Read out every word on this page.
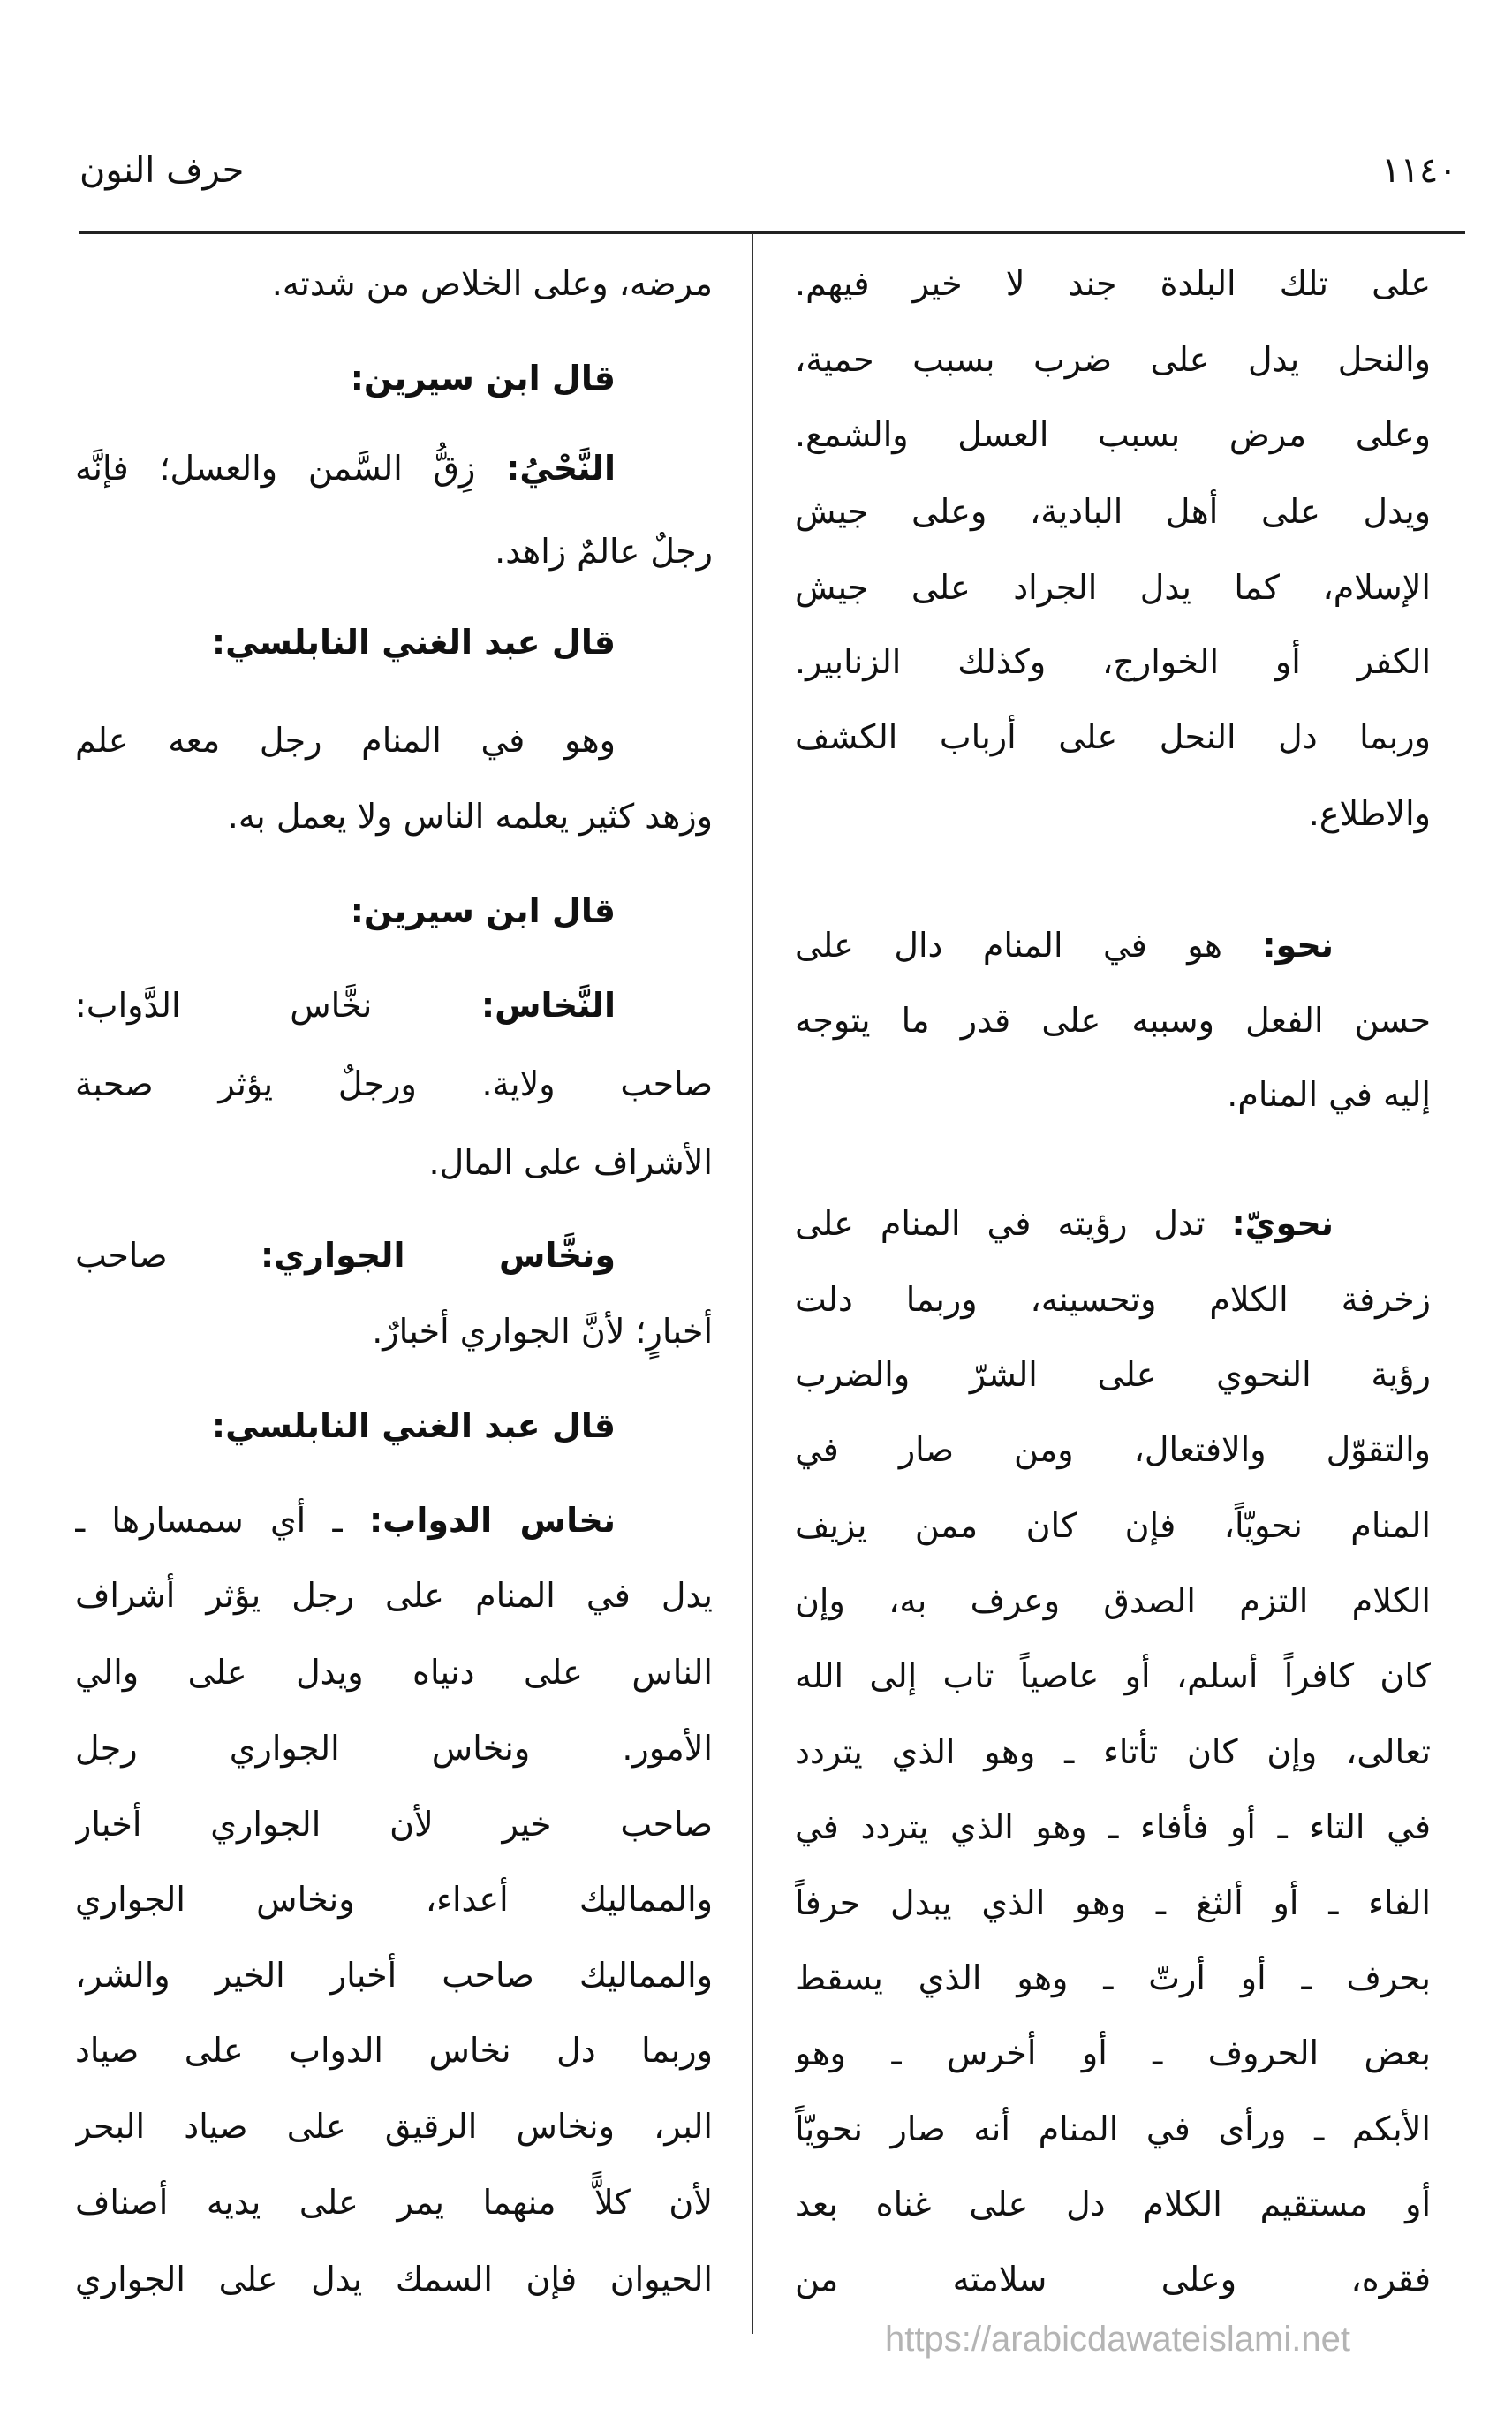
١١٤٠
حرف النون
على تلك البلدة جند لا خير فيهم.
والنحل يدل على ضرب بسبب حمية،
وعلى مرض بسبب العسل والشمع.
ويدل على أهل البادية، وعلى جيش
الإسلام، كما يدل الجراد على جيش
الكفر أو الخوارج، وكذلك الزنابير.
وربما دل النحل على أرباب الكشف
والاطلاع.
نحو: هو في المنام دال على
حسن الفعل وسببه على قدر ما يتوجه
إليه في المنام.
نحويّ: تدل رؤيته في المنام على
زخرفة الكلام وتحسينه، وربما دلت
رؤية النحوي على الشرّ والضرب
والتقوّل والافتعال، ومن صار في
المنام نحويّاً، فإن كان ممن يزيف
الكلام التزم الصدق وعرف به، وإن
كان كافراً أسلم، أو عاصياً تاب إلى الله
تعالى، وإن كان تأتاء ـ وهو الذي يتردد
في التاء ـ أو فأفاء ـ وهو الذي يتردد في
الفاء ـ أو ألثغ ـ وهو الذي يبدل حرفاً
بحرف ـ أو أرتّ ـ وهو الذي يسقط
بعض الحروف ـ أو أخرس ـ وهو
الأبكم ـ ورأى في المنام أنه صار نحويّاً
أو مستقيم الكلام دل على غناه بعد
فقره، وعلى سلامته من
مرضه، وعلى الخلاص من شدته.
قال ابن سيرين:
النَّحْيُ: زِقُّ السَّمن والعسل؛ فإنَّه
رجلٌ عالمٌ زاهد.
قال عبد الغني النابلسي:
وهو في المنام رجل معه علم
وزهد كثير يعلمه الناس ولا يعمل به.
قال ابن سيرين:
النَّخاس: نخَّاس الدَّواب:
صاحب ولاية. ورجلٌ يؤثر صحبة
الأشراف على المال.
ونخَّاس الجواري: صاحب
أخبارٍ؛ لأنَّ الجواري أخبارٌ.
قال عبد الغني النابلسي:
نخاس الدواب: ـ أي سمسارها ـ
يدل في المنام على رجل يؤثر أشراف
الناس على دنياه ويدل على والي
الأمور. ونخاس الجواري رجل
صاحب خير لأن الجواري أخبار
والمماليك أعداء، ونخاس الجواري
والمماليك صاحب أخبار الخير والشر،
وربما دل نخاس الدواب على صياد
البر، ونخاس الرقيق على صياد البحر
لأن كلاًّ منهما يمر على يديه أصناف
الحيوان فإن السمك يدل على الجواري
https://arabicdawateislami.net
